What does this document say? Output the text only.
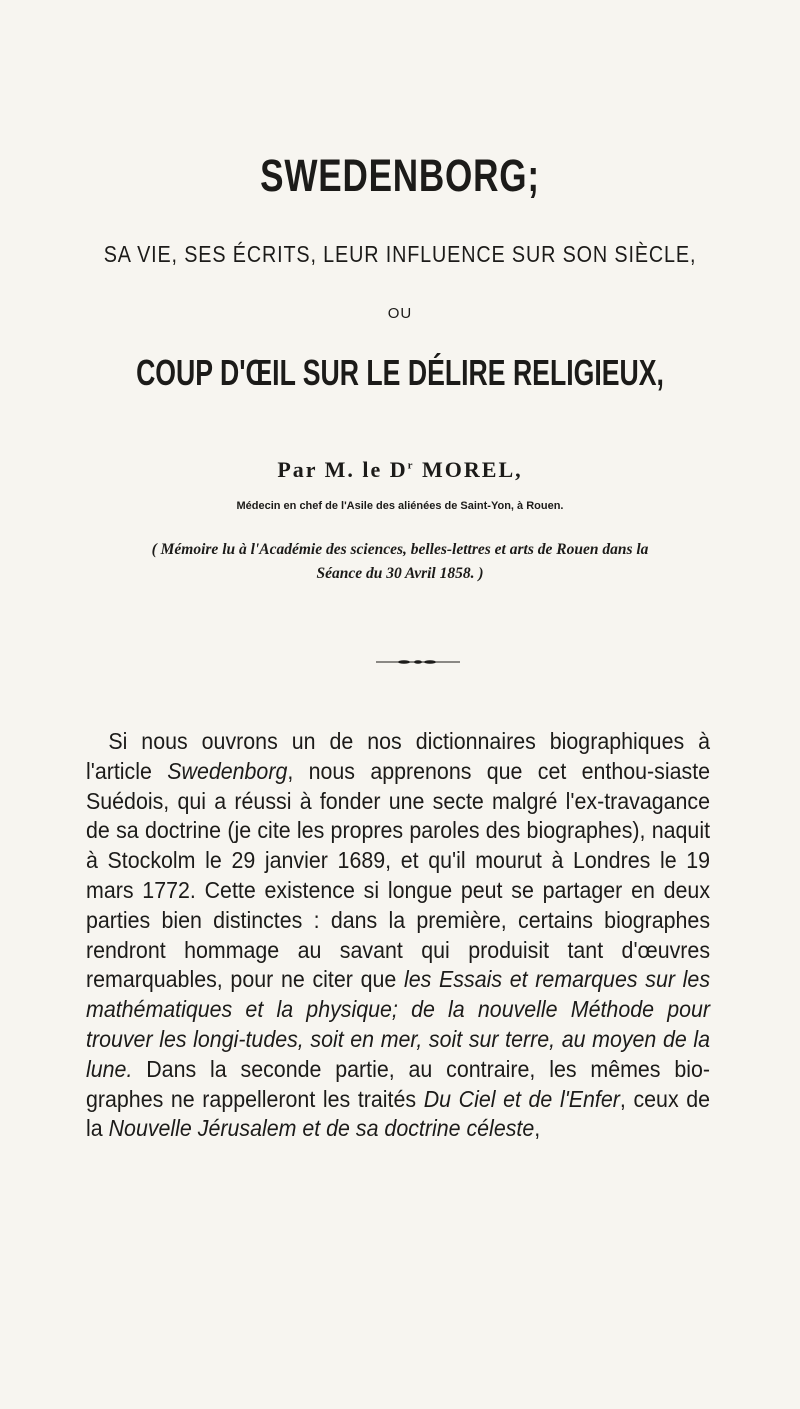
SWEDENBORG;
SA VIE, SES ÉCRITS, LEUR INFLUENCE SUR SON SIÈCLE,
OU
COUP D'ŒIL SUR LE DÉLIRE RELIGIEUX,
Par M. le $D^r$ MOREL,
Médecin en chef de l'Asile des aliénées de Saint-Yon, à Rouen.
( Mémoire lu à l'Académie des sciences, belles-lettres et arts de Rouen dans la Séance du 30 Avril 1858. )

Si nous ouvrons un de nos dictionnaires biographiques à l'article Swedenborg, nous apprenons que cet enthou-siaste Suédois, qui a réussi à fonder une secte malgré l'ex-travagance de sa doctrine (je cite les propres paroles des biographes), naquit à Stockolm le 29 janvier 1689, et qu'il mourut à Londres le 19 mars 1772. Cette existence si longue peut se partager en deux parties bien distinctes : dans la première, certains biographes rendront hommage au savant qui produisit tant d'œuvres remarquables, pour ne citer que les Essais et remarques sur les mathématiques et la physique; de la nouvelle Méthode pour trouver les longi-tudes, soit en mer, soit sur terre, au moyen de la lune. Dans la seconde partie, au contraire, les mêmes bio-graphes ne rappelleront les traités Du Ciel et de l'Enfer, ceux de la Nouvelle Jérusalem et de sa doctrine céleste,
